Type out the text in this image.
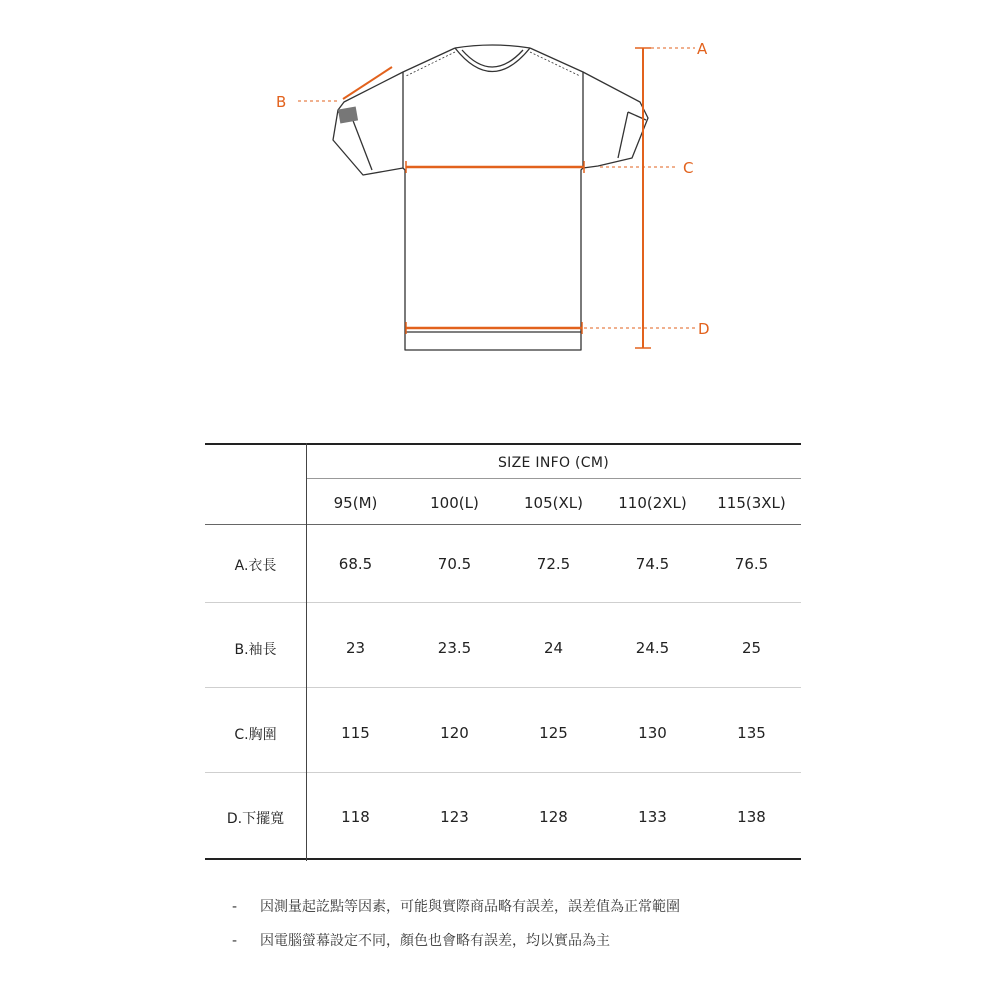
A
B
C
D
SIZE INFO (CM)
95(M)	100(L)	105(XL)	110(2XL)	115(3XL)
A.衣長	68.5	70.5	72.5	74.5	76.5
B.袖長	23	23.5	24	24.5	25
C.胸圍	115	120	125	130	135
D.下擺寬	118	123	128	133	138
- 因測量起訖點等因素，可能與實際商品略有誤差，誤差值為正常範圍
- 因電腦螢幕設定不同，顏色也會略有誤差，均以實品為主
